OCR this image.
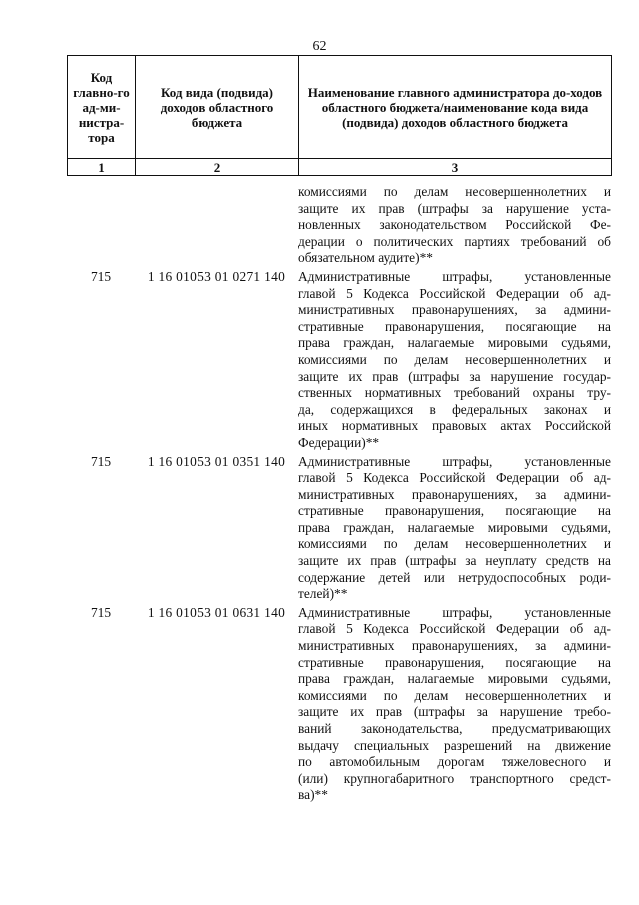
62
Код главно-го ад-ми-нистра-тора	Код вида (подвида) доходов областного бюджета	Наименование главного администратора до-ходов областного бюджета/наименование кода вида (подвида) доходов областного бюджета
1	2	3
комиссиями по делам несовершеннолетних и
защите их прав (штрафы за нарушение уста-
новленных законодательством Российской Фе-
дерации о политических партиях требований об
обязательном аудите)**
715	1 16 01053 01 0271 140 Административные штрафы, установленные
главой 5 Кодекса Российской Федерации об ад-
министративных правонарушениях, за админи-
стративные правонарушения, посягающие на
права граждан, налагаемые мировыми судьями,
комиссиями по делам несовершеннолетних и
защите их прав (штрафы за нарушение государ-
ственных нормативных требований охраны тру-
да, содержащихся в федеральных законах и
иных нормативных правовых актах Российской
Федерации)**
715	1 16 01053 01 0351 140 Административные штрафы, установленные
главой 5 Кодекса Российской Федерации об ад-
министративных правонарушениях, за админи-
стративные правонарушения, посягающие на
права граждан, налагаемые мировыми судьями,
комиссиями по делам несовершеннолетних и
защите их прав (штрафы за неуплату средств на
содержание детей или нетрудоспособных роди-
телей)**
715	1 16 01053 01 0631 140 Административные штрафы, установленные
главой 5 Кодекса Российской Федерации об ад-
министративных правонарушениях, за админи-
стративные правонарушения, посягающие на
права граждан, налагаемые мировыми судьями,
комиссиями по делам несовершеннолетних и
защите их прав (штрафы за нарушение требо-
ваний законодательства, предусматривающих
выдачу специальных разрешений на движение
по автомобильным дорогам тяжеловесного и
(или) крупногабаритного транспортного средст-
ва)**
